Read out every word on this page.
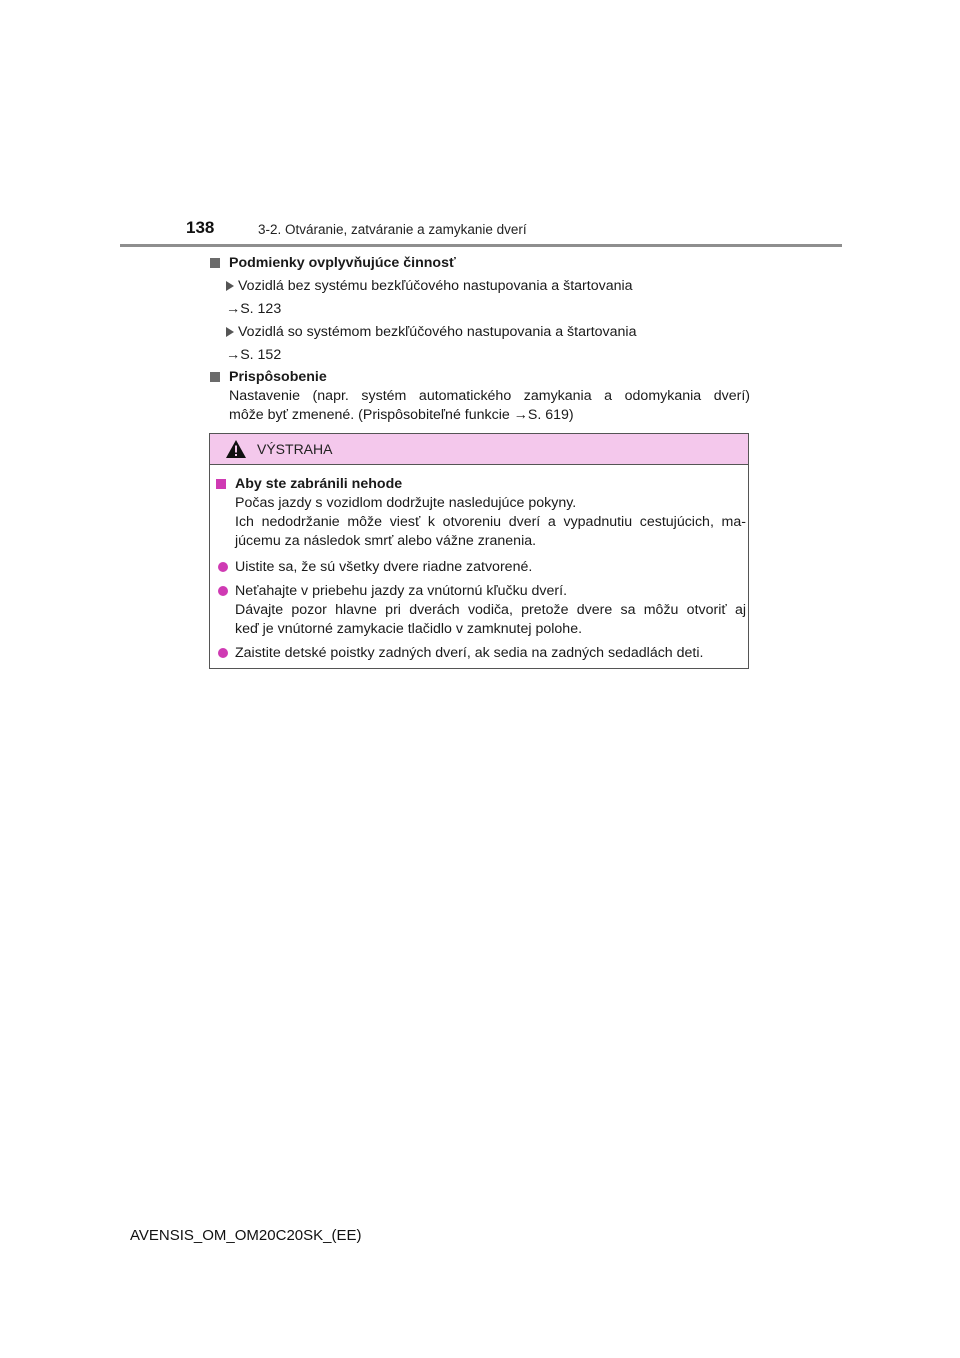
138	3-2. Otváranie, zatváranie a zamykanie dverí
Podmienky ovplyvňujúce činnosť
Vozidlá bez systému bezkľúčového nastupovania a štartovania
→S. 123
Vozidlá so systémom bezkľúčového nastupovania a štartovania
→S. 152
Prispôsobenie
Nastavenie (napr. systém automatického zamykania a odomykania dverí)
môže byť zmenené. (Prispôsobiteľné funkcie →S. 619)
VÝSTRAHA
Aby ste zabránili nehode
Počas jazdy s vozidlom dodržujte nasledujúce pokyny.
Ich nedodržanie môže viesť k otvoreniu dverí a vypadnutiu cestujúcich, ma-
júcemu za následok smrť alebo vážne zranenia.
Uistite sa, že sú všetky dvere riadne zatvorené.
Neťahajte v priebehu jazdy za vnútornú kľučku dverí.
Dávajte pozor hlavne pri dverách vodiča, pretože dvere sa môžu otvoriť aj
keď je vnútorné zamykacie tlačidlo v zamknutej polohe.
Zaistite detské poistky zadných dverí, ak sedia na zadných sedadlách deti.
AVENSIS_OM_OM20C20SK_(EE)
